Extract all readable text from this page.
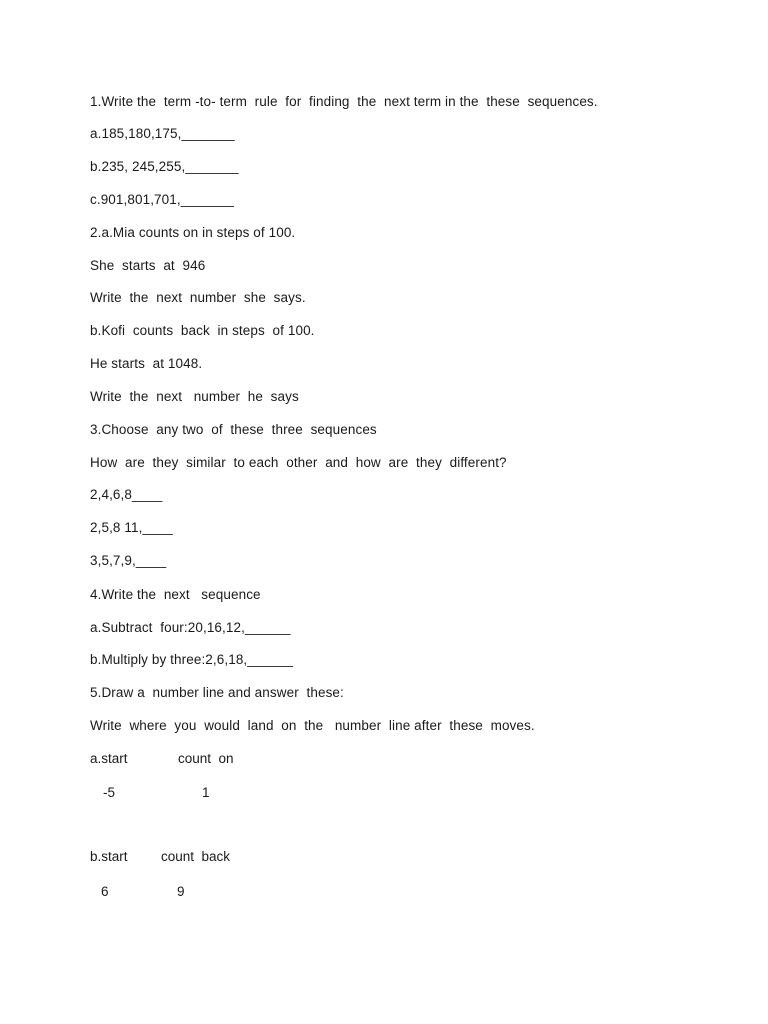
1.Write the  term -to- term  rule  for  finding  the  next term in the  these  sequences.
a.185,180,175,_______
b.235, 245,255,_______
c.901,801,701,_______
2.a.Mia counts on in steps of 100.
She  starts  at  946
Write  the  next  number  she  says.
b.Kofi  counts  back  in steps  of 100.
He starts  at 1048.
Write  the  next   number  he  says
3.Choose  any two  of  these  three  sequences
How  are  they  similar  to each  other  and  how  are  they  different?
2,4,6,8____
2,5,8 11,____
3,5,7,9,____
4.Write the  next   sequence
a.Subtract  four:20,16,12,______
b.Multiply by three:2,6,18,______
5.Draw a  number line and answer  these:
Write  where  you  would  land  on  the   number  line after  these  moves.
a.start	count  on
-5	1
b.start count  back
6	9
